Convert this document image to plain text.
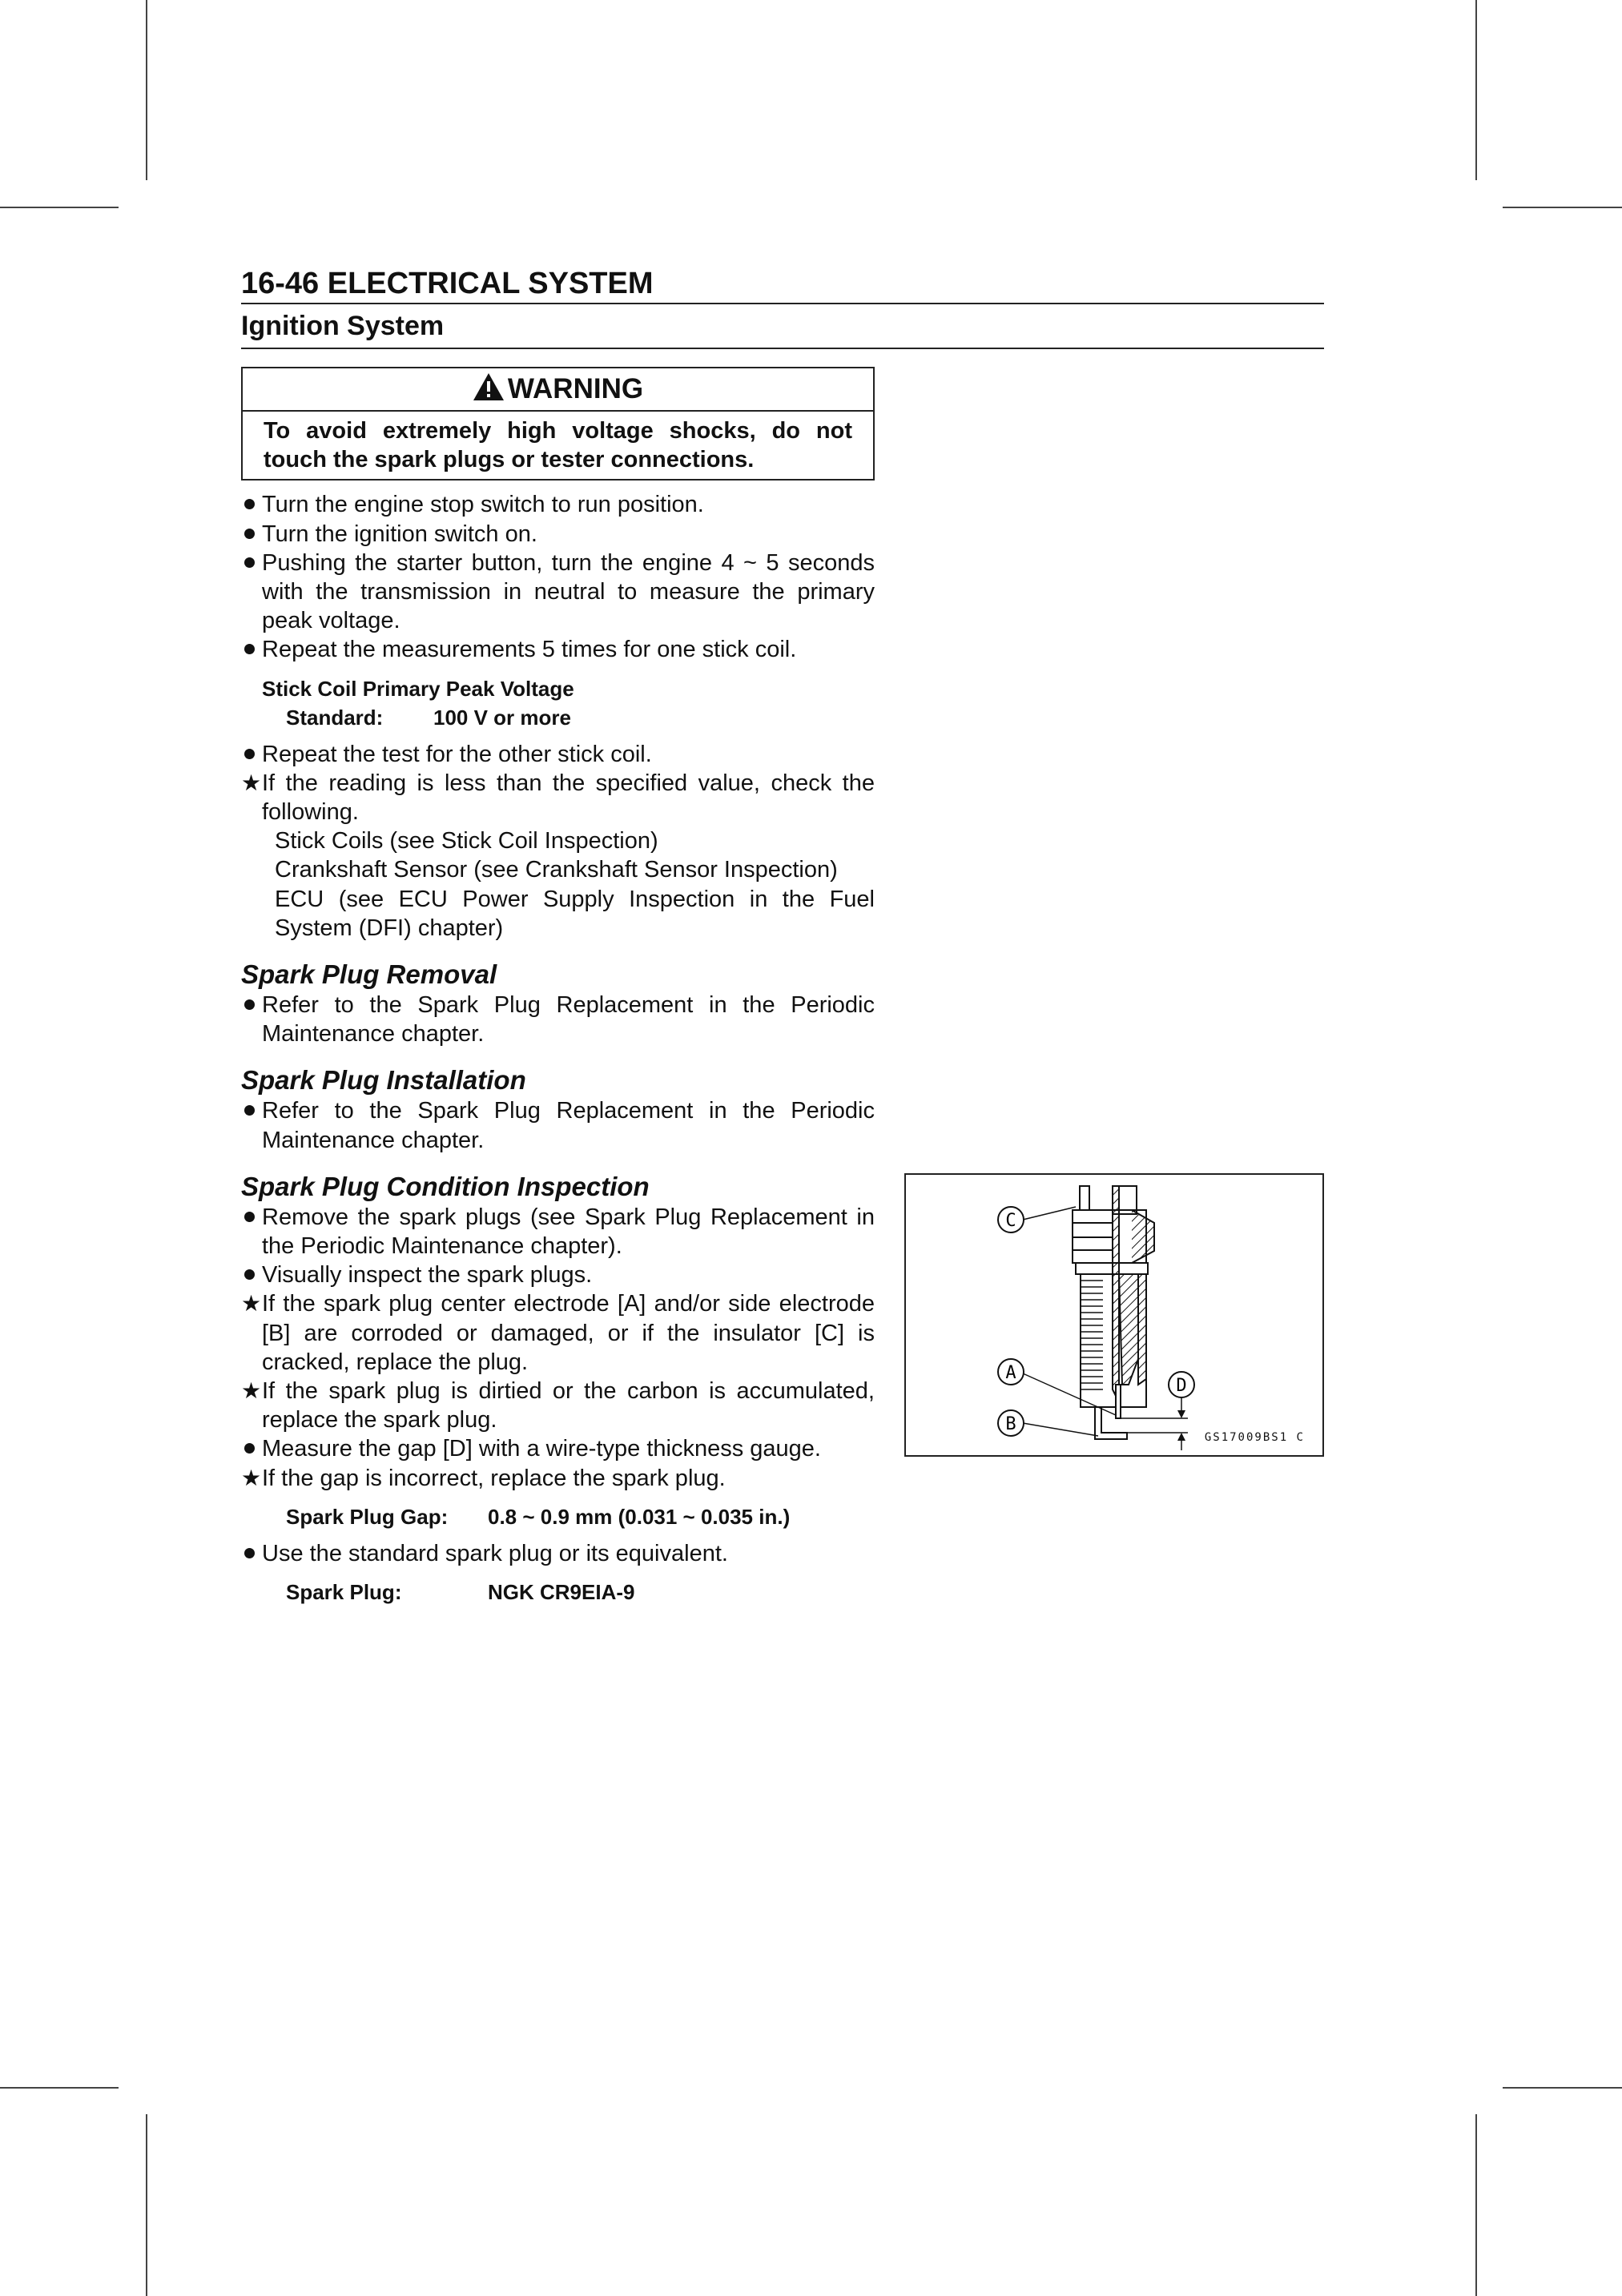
16-46 ELECTRICAL SYSTEM
Ignition System
WARNING
To avoid extremely high voltage shocks, do not touch the spark plugs or tester connections.
Turn the engine stop switch to run position.
Turn the ignition switch on.
Pushing the starter button, turn the engine 4 ~ 5 seconds with the transmission in neutral to measure the primary peak voltage.
Repeat the measurements 5 times for one stick coil.
Stick Coil Primary Peak Voltage
Standard: 100 V or more
Repeat the test for the other stick coil.
★ If the reading is less than the specified value, check the following.
Stick Coils (see Stick Coil Inspection)
Crankshaft Sensor (see Crankshaft Sensor Inspection)
ECU (see ECU Power Supply Inspection in the Fuel System (DFI) chapter)
Spark Plug Removal
Refer to the Spark Plug Replacement in the Periodic Maintenance chapter.
Spark Plug Installation
Refer to the Spark Plug Replacement in the Periodic Maintenance chapter.
Spark Plug Condition Inspection
Remove the spark plugs (see Spark Plug Replacement in the Periodic Maintenance chapter).
Visually inspect the spark plugs.
★ If the spark plug center electrode [A] and/or side electrode [B] are corroded or damaged, or if the insulator [C] is cracked, replace the plug.
★ If the spark plug is dirtied or the carbon is accumulated, replace the spark plug.
Measure the gap [D] with a wire-type thickness gauge.
★ If the gap is incorrect, replace the spark plug.
Spark Plug Gap: 0.8 ~ 0.9 mm (0.031 ~ 0.035 in.)
Use the standard spark plug or its equivalent.
Spark Plug:	NGK CR9EIA-9
C
A
B
D
GS17009BS1 C
